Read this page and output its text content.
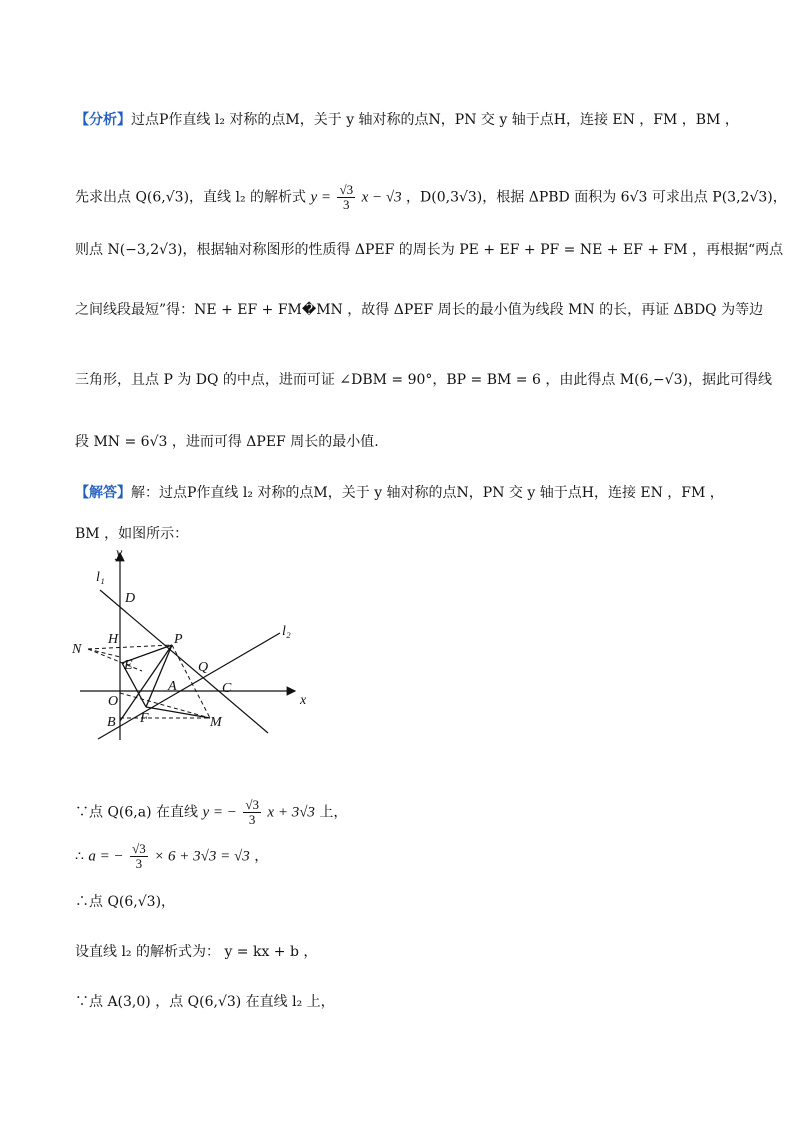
【分析】过点P作直线 l₂ 对称的点M，关于 y 轴对称的点N，PN 交 y 轴于点H，连接 EN ，FM ，BM ，
先求出点 Q(6,√3)，直线 l₂ 的解析式 $y = \frac{√3}{3}$ x − √3 ，D(0,3√3)，根据 ΔPBD 面积为 6√3 可求出点 P(3,2√3)，
则点 N(−3,2√3)，根据轴对称图形的性质得 ΔPEF 的周长为 PE + EF + PF = NE + EF + FM ，再根据“两点
之间线段最短”得：NE + EF + FM�MN ，故得 ΔPEF 周长的最小值为线段 MN 的长，再证 ΔBDQ 为等边
三角形，且点 P 为 DQ 的中点，进而可证 ∠DBM = 90°，BP = BM = 6 ，由此得点 M(6,−√3)，据此可得线
段 MN = 6√3 ，进而可得 ΔPEF 周长的最小值.
【解答】解：过点P作直线 l₂ 对称的点M，关于 y 轴对称的点N，PN 交 y 轴于点H，连接 EN ，FM ，
BM ，如图所示：
y
x
l₁
l₂
D
H	P
N
E	Q
A	C
O
B F	M
∵点 Q(6,a) 在直线 y = − $\frac{√3}{3}$ x + 3√3 上，
∴ a = − $\frac{√3}{3} \times 6 + 3√3 = √3$ ，
∴点 Q(6,√3)，
设直线 l₂ 的解析式为： y = kx + b ，
∵点 A(3,0) ，点 Q(6,√3) 在直线 l₂ 上，
